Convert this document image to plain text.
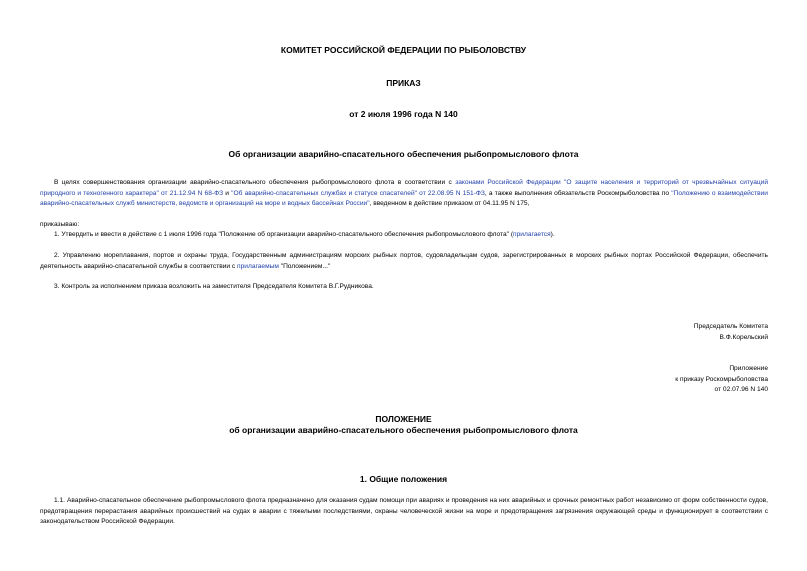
КОМИТЕТ РОССИЙСКОЙ ФЕДЕРАЦИИ ПО РЫБОЛОВСТВУ
ПРИКАЗ
от 2 июля 1996 года N 140
Об организации аварийно-спасательного обеспечения рыбопромыслового флота
В целях совершенствования организации аварийно-спасательного обеспечения рыбопромыслового флота в соответствии с законами Российской Федерации "О защите населения и территорий от чрезвычайных ситуаций природного и техногенного характера" от 21.12.94 N 68-ФЗ и "Об аварийно-спасательных службах и статусе спасателей" от 22.08.95 N 151-ФЗ, а также выполнения обязательств Роскомрыболовства по "Положению о взаимодействии аварийно-спасательных служб министерств, ведомств и организаций на море и водных бассейнах России", введенном в действие приказом от 04.11.95 N 175,
приказываю:
1. Утвердить и ввести в действие с 1 июля 1996 года "Положение об организации аварийно-спасательного обеспечения рыбопромыслового флота" (прилагается).
2. Управлению мореплавания, портов и охраны труда, Государственным администрациям морских рыбных портов, судовладельцам судов, зарегистрированных в морских рыбных портах Российской Федерации, обеспечить деятельность аварийно-спасательной службы в соответствии с прилагаемым "Положением..."
3. Контроль за исполнением приказа возложить на заместителя Председателя Комитета В.Г.Рудникова.
Председатель Комитета
В.Ф.Корельский
Приложение
к приказу Роскомрыболовства
от 02.07.96 N 140
ПОЛОЖЕНИЕ
об организации аварийно-спасательного обеспечения рыбопромыслового флота
1. Общие положения
1.1. Аварийно-спасательное обеспечение рыбопромыслового флота предназначено для оказания судам помощи при авариях и проведения на них аварийных и срочных ремонтных работ независимо от форм собственности судов, предотвращения перерастания аварийных происшествий на судах в аварии с тяжелыми последствиями, охраны человеческой жизни на море и предотвращения загрязнения окружающей среды и функционирует в соответствии с законодательством Российской Федерации.
